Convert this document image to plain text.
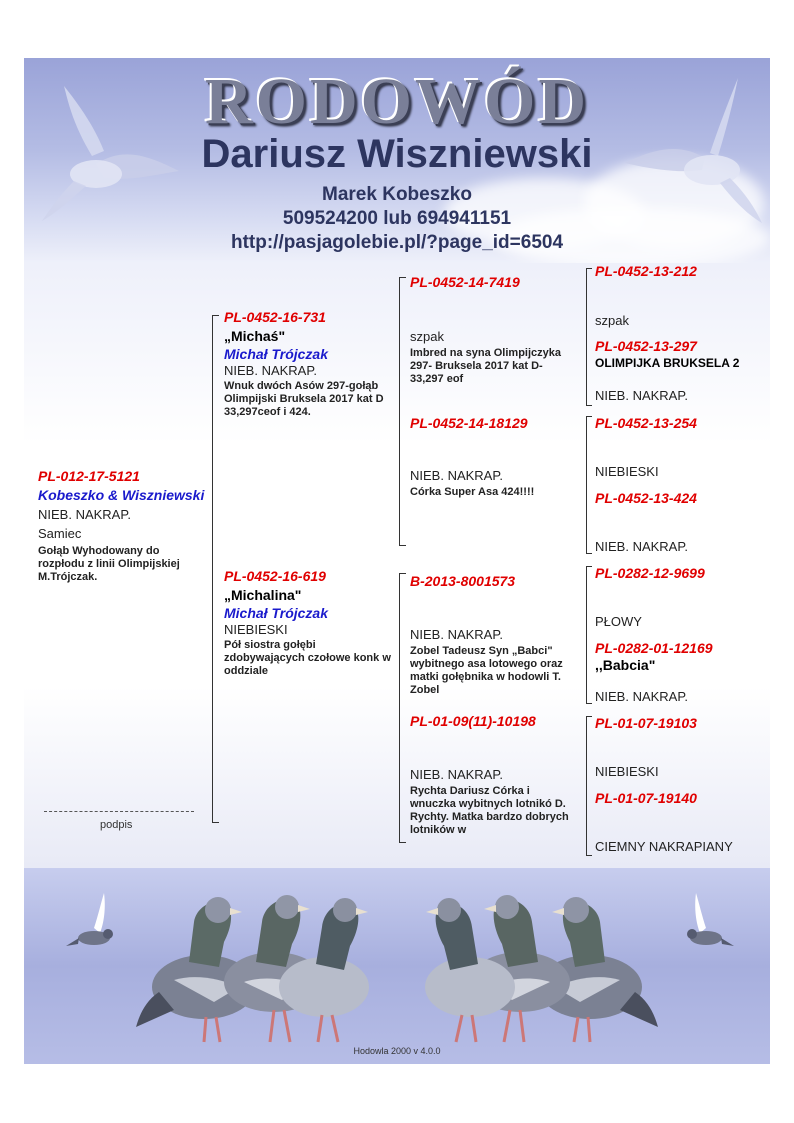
RODOWÓD
Dariusz Wiszniewski
Marek Kobeszko
509524200 lub 694941151
http://pasjagolebie.pl/?page_id=6504
PL-012-17-5121
Kobeszko & Wiszniewski
NIEB. NAKRAP.
Samiec
Gołąb Wyhodowany do rozpłodu z linii Olimpijskiej M.Trójczak.
podpis
PL-0452-16-731
„Michaś"
Michał Trójczak
NIEB. NAKRAP.
Wnuk dwóch Asów 297-gołąb Olimpijski Bruksela 2017 kat D 33,297ceof i 424.
PL-0452-16-619
„Michalina"
Michał Trójczak
NIEBIESKI
Pół siostra gołębi zdobywających czołowe konk w oddziale
PL-0452-14-7419
szpak
Imbred na syna Olimpijczyka 297- Bruksela 2017 kat D-33,297 eof
PL-0452-14-18129
NIEB. NAKRAP.
Córka Super Asa 424!!!!
B-2013-8001573
NIEB. NAKRAP.
Zobel Tadeusz Syn „Babci" wybitnego asa lotowego oraz matki gołębnika w hodowli T. Zobel
PL-01-09(11)-10198
NIEB. NAKRAP.
Rychta Dariusz Córka i wnuczka wybitnych lotnikó D. Rychty. Matka bardzo dobrych lotników w
PL-0452-13-212
szpak
PL-0452-13-297
OLIMPIJKA BRUKSELA 2
NIEB. NAKRAP.
PL-0452-13-254
NIEBIESKI
PL-0452-13-424
NIEB. NAKRAP.
PL-0282-12-9699
PŁOWY
PL-0282-01-12169
,,Babcia"
NIEB. NAKRAP.
PL-01-07-19103
NIEBIESKI
PL-01-07-19140
CIEMNY NAKRAPIANY
Hodowla 2000 v 4.0.0
